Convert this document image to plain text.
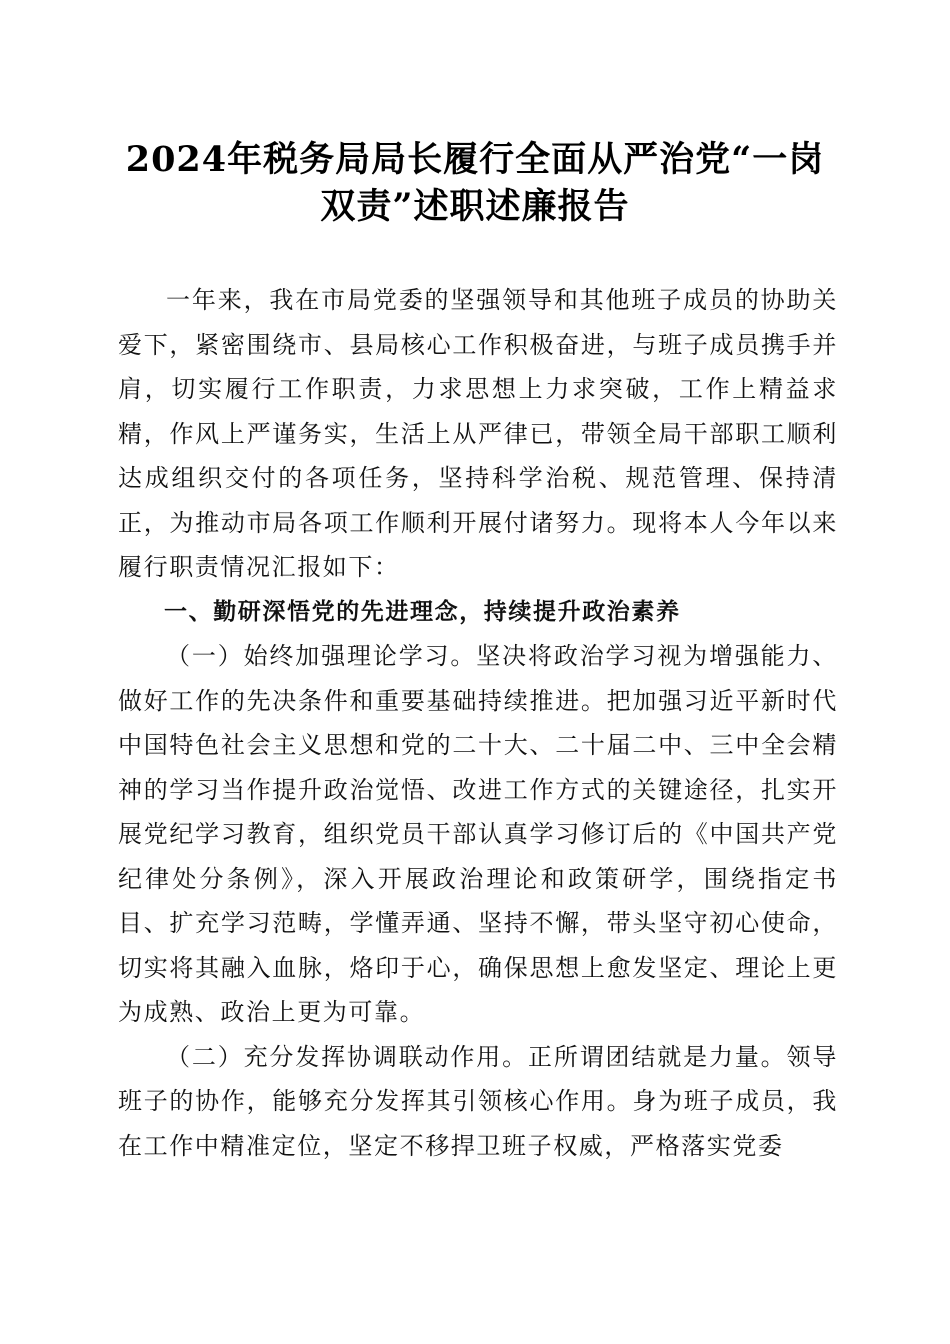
2024年税务局局长履行全面从严治党“一岗
双责”述职述廉报告

一年来，我在市局党委的坚强领导和其他班子成员的协助关爱下，紧密围绕市、县局核心工作积极奋进，与班子成员携手并肩，切实履行工作职责，力求思想上力求突破，工作上精益求精，作风上严谨务实，生活上从严律已，带领全局干部职工顺利达成组织交付的各项任务，坚持科学治税、规范管理、保持清正，为推动市局各项工作顺利开展付诸努力。现将本人今年以来履行职责情况汇报如下：

一、勤研深悟党的先进理念，持续提升政治素养

（一）始终加强理论学习。坚决将政治学习视为增强能力、做好工作的先决条件和重要基础持续推进。把加强习近平新时代中国特色社会主义思想和党的二十大、二十届二中、三中全会精神的学习当作提升政治觉悟、改进工作方式的关键途径，扎实开展党纪学习教育，组织党员干部认真学习修订后的《中国共产党纪律处分条例》，深入开展政治理论和政策研学，围绕指定书目、扩充学习范畴，学懂弄通、坚持不懈，带头坚守初心使命，切实将其融入血脉，烙印于心，确保思想上愈发坚定、理论上更为成熟、政治上更为可靠。

（二）充分发挥协调联动作用。正所谓团结就是力量。领导班子的协作，能够充分发挥其引领核心作用。身为班子成员，我在工作中精准定位，坚定不移捍卫班子权威，严格落实党委
